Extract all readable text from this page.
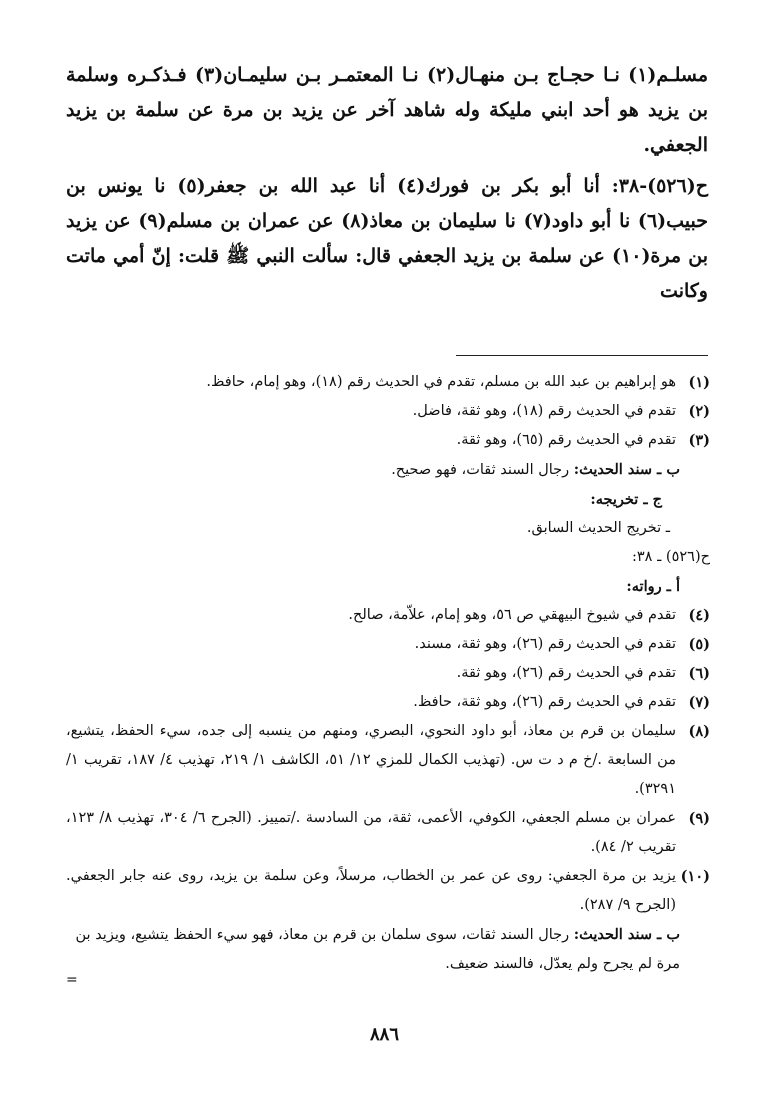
مسلـم(١) نـا حجـاج بـن منهـال(٢) نـا المعتمـر بـن سليمـان(٣) فـذكـره وسلمة بن يزيد هو أحد ابني مليكة وله شاهد آخر عن يزيد بن مرة عن سلمة بن يزيد الجعفي.

ح(٥٢٦)-٣٨: أنا أبو بكر بن فورك(٤) أنا عبد الله بن جعفر(٥) نا يونس بن حبيب(٦) نا أبو داود(٧) نا سليمان بن معاذ(٨) عن عمران بن مسلم(٩) عن يزيد بن مرة(١٠) عن سلمة بن يزيد الجعفي قال: سألت النبي ﷺ قلت: إنّ أمي ماتت وكانت

(١)
هو إبراهيم بن عبد الله بن مسلم، تقدم في الحديث رقم (١٨)، وهو إمام، حافظ.
(٢)
تقدم في الحديث رقم (١٨)، وهو ثقة، فاضل.
(٣)
تقدم في الحديث رقم (٦٥)، وهو ثقة.
ب ـ سند الحديث: رجال السند ثقات، فهو صحيح.
ج ـ تخريجه:
ـ تخريج الحديث السابق.
ح(٥٢٦) ـ ٣٨:
أ ـ رواته:
(٤)
تقدم في شيوخ البيهقي ص ٥٦، وهو إمام، علاّمة، صالح.
(٥)
تقدم في الحديث رقم (٢٦)، وهو ثقة، مسند.
(٦)
تقدم في الحديث رقم (٢٦)، وهو ثقة.
(٧)
تقدم في الحديث رقم (٢٦)، وهو ثقة، حافظ.
(٨)
سليمان بن قرم بن معاذ، أبو داود النحوي، البصري، ومنهم من ينسبه إلى جده، سيء الحفظ، يتشيع، من السابعة ./خ م د ت س. (تهذيب الكمال للمزي ١٢/ ٥١، الكاشف ١/ ٢١٩، تهذيب ٤/ ١٨٧، تقريب ١/ ٣٢٩١).
(٩)
عمران بن مسلم الجعفي، الكوفي، الأعمى، ثقة، من السادسة ./تمييز. (الجرح ٦/ ٣٠٤، تهذيب ٨/ ١٢٣، تقريب ٢/ ٨٤).
(١٠)
يزيد بن مرة الجعفي: روى عن عمر بن الخطاب، مرسلاً، وعن سلمة بن يزيد، روى عنه جابر الجعفي. (الجرح ٩/ ٢٨٧).
ب ـ سند الحديث: رجال السند ثقات، سوى سلمان بن قرم بن معاذ، فهو سيء الحفظ يتشيع، ويزيد بن مرة لم يجرح ولم يعدّل، فالسند ضعيف.
=
٨٨٦
